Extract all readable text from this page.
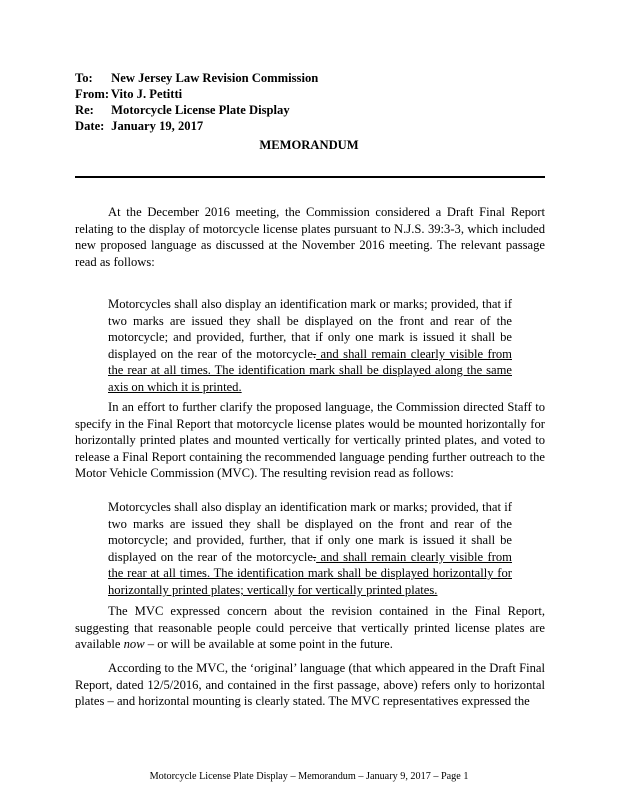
To: New Jersey Law Revision Commission
From: Vito J. Petitti
Re: Motorcycle License Plate Display
Date: January 19, 2017
MEMORANDUM
At the December 2016 meeting, the Commission considered a Draft Final Report relating to the display of motorcycle license plates pursuant to N.J.S. 39:3-3, which included new proposed language as discussed at the November 2016 meeting. The relevant passage read as follows:
Motorcycles shall also display an identification mark or marks; provided, that if two marks are issued they shall be displayed on the front and rear of the motorcycle; and provided, further, that if only one mark is issued it shall be displayed on the rear of the motorcycle. and shall remain clearly visible from the rear at all times. The identification mark shall be displayed along the same axis on which it is printed.
In an effort to further clarify the proposed language, the Commission directed Staff to specify in the Final Report that motorcycle license plates would be mounted horizontally for horizontally printed plates and mounted vertically for vertically printed plates, and voted to release a Final Report containing the recommended language pending further outreach to the Motor Vehicle Commission (MVC). The resulting revision read as follows:
Motorcycles shall also display an identification mark or marks; provided, that if two marks are issued they shall be displayed on the front and rear of the motorcycle; and provided, further, that if only one mark is issued it shall be displayed on the rear of the motorcycle. and shall remain clearly visible from the rear at all times. The identification mark shall be displayed horizontally for horizontally printed plates; vertically for vertically printed plates.
The MVC expressed concern about the revision contained in the Final Report, suggesting that reasonable people could perceive that vertically printed license plates are available now – or will be available at some point in the future.
According to the MVC, the ‘original’ language (that which appeared in the Draft Final Report, dated 12/5/2016, and contained in the first passage, above) refers only to horizontal plates – and horizontal mounting is clearly stated. The MVC representatives expressed the
Motorcycle License Plate Display – Memorandum – January 9, 2017 – Page 1
